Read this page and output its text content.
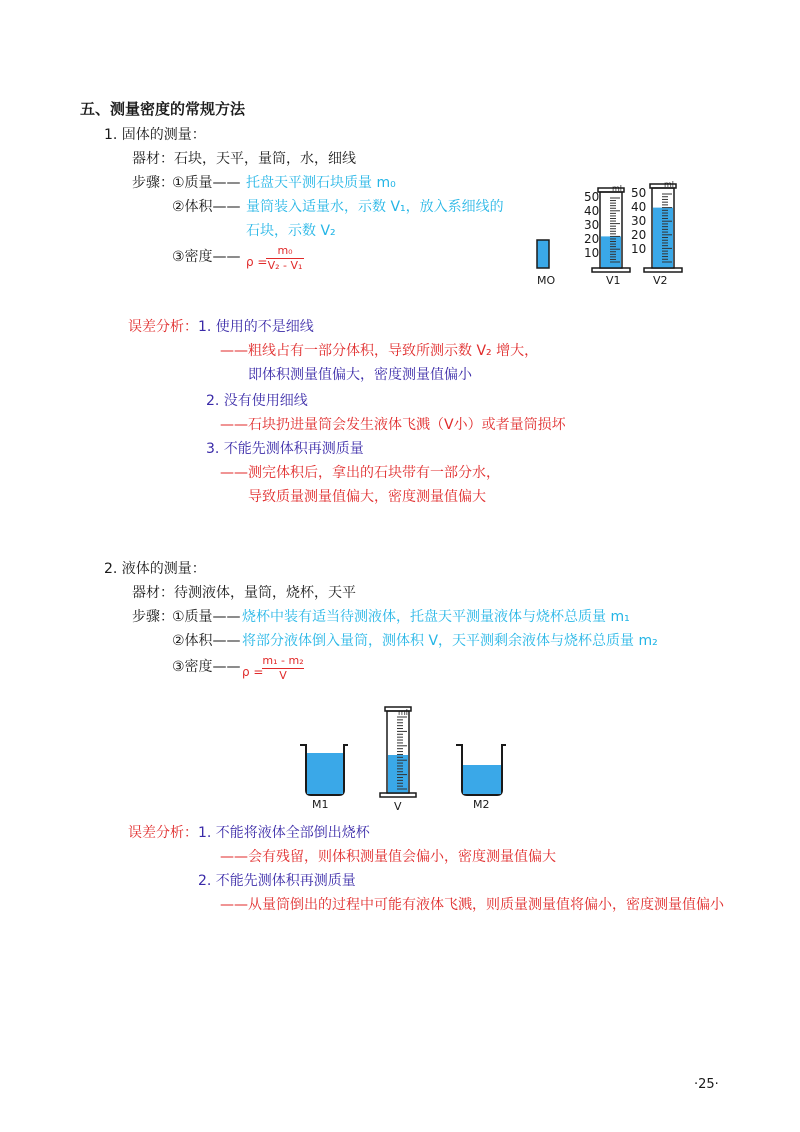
五、测量密度的常规方法
1. 固体的测量：
器材：石块，天平，量筒，水，细线
步骤：
①质量—— 托盘天平测石块质量 m₀
②体积—— 量筒装入适量水，示数 V₁，放入系细线的
石块，示数 V₂
③密度—— ρ =
m₀
V₂ - V₁
50
40
30
20
10
50
40
30
20
10
ml	ml
MO	V1	V2
误差分析： 1. 使用的不是细线
——粗线占有一部分体积，导致所测示数 V₂ 增大，
即体积测量值偏大，密度测量值偏小
2. 没有使用细线
——石块扔进量筒会发生液体飞溅（V小）或者量筒损坏
3. 不能先测体积再测质量
——测完体积后，拿出的石块带有一部分水，
导致质量测量值偏大，密度测量值偏大
2. 液体的测量：
器材：待测液体，量筒，烧杯，天平
步骤：
①质量—— 烧杯中装有适当待测液体，托盘天平测量液体与烧杯总质量 m₁
②体积—— 将部分液体倒入量筒，测体积 V，天平测剩余液体与烧杯总质量 m₂
③密度—— ρ =
m₁ - m₂
V
ml
M1	V	M2
误差分析： 1. 不能将液体全部倒出烧杯
——会有残留，则体积测量值会偏小，密度测量值偏大
2. 不能先测体积再测质量
——从量筒倒出的过程中可能有液体飞溅，则质量测量值将偏小，密度测量值偏小
·25·
